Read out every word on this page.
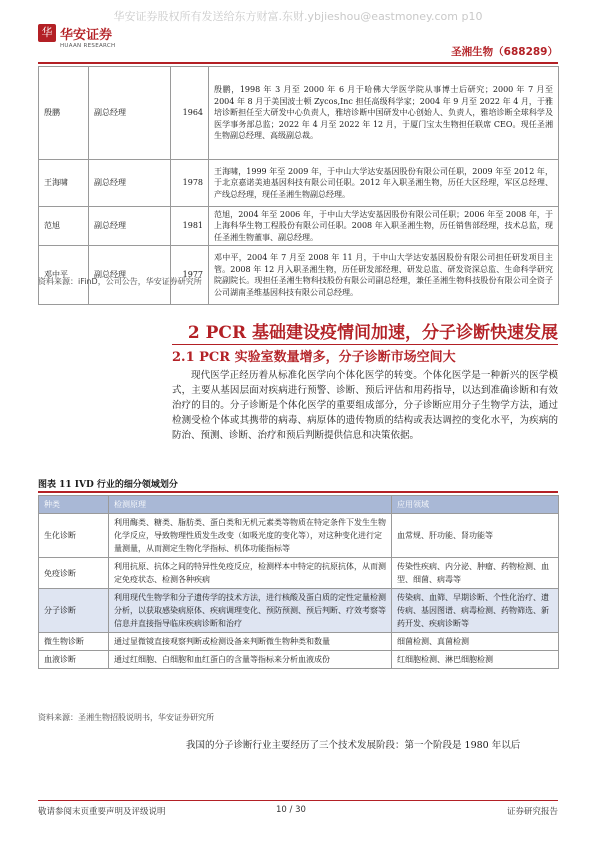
华安证券股权所有发送给东方财富.东财.ybjieshou@eastmoney.com p10
华 华安证券
HUAAN RESEARCH	圣湘生物（688289）
殷鹏	副总经理	1964	殷鹏，1998 年 3 月至 2000 年 6 月于哈佛大学医学院从事博士后研究；2000 年 7 月至 2004 年 8 月于美国波士顿 Zycos,Inc 担任高级科学家；2004 年 9 月至 2022 年 4 月，于雅培诊断担任至大研发中心负责人，雅培诊断中国研发中心创始人、负责人，雅培诊断全球科学及医学事务部总监；2022 年 4 月至 2022 年 12 月，于厦门宝太生物担任联席 CEO。现任圣湘生物副总经理、高级副总裁。

王海啸	副总经理	1978	王海啸，1999 年至 2009 年，于中山大学达安基因股份有限公司任职，2009 年至 2012 年，于北京嘉诺美迪基因科技有限公司任职。2012 年入职圣湘生物，历任大区经理，军区总经理、产线总经理，现任圣湘生物副总经理。
范旭	副总经理	1981	范旭，2004 年至 2006 年，于中山大学达安基因股份有限公司任职；2006 年至 2008 年，于上海科华生物工程股份有限公司任职。2008 年入职圣湘生物，历任销售部经理，技术总监，现任圣湘生物董事、副总经理。
邓中平	副总经理	1977	邓中平，2004 年 7 月至 2008 年 11 月，于中山大学达安基因股份有限公司担任研发项目主管。2008 年 12 月入职圣湘生物，历任研发部经理、研发总监、研发资深总监、生命科学研究院副院长。现担任圣湘生物科技股份有限公司副总经理，兼任圣湘生物科技股份有限公司全资子公司湖南圣维基因科技有限公司总经理。
资料来源：iFinD，公司公告，华安证券研究所
2 PCR 基础建设疫情间加速，分子诊断快速发展
2.1 PCR 实验室数量增多，分子诊断市场空间大

现代医学正经历着从标准化医学向个体化医学的转变。个体化医学是一种新兴的医学模式，主要从基因层面对疾病进行预警、诊断、预后评估和用药指导，以达到准确诊断和有效治疗的目的。分子诊断是个体化医学的重要组成部分，分子诊断应用分子生物学方法，通过检测受检个体或其携带的病毒、病原体的遗传物质的结构或表达调控的变化水平，为疾病的防治、预测、诊断、治疗和预后判断提供信息和决策依据。

图表 11 IVD 行业的细分领域划分
种类	检测原理	应用领域
生化诊断	利用酶类、糖类、脂肪类、蛋白类和无机元素类等物质在特定条件下发生生物化学反应，导致物理性质发生改变（如吸光度的变化等），对这种变化进行定量测量，从而测定生物化学指标、机体功能指标等	血常规、肝功能、肾功能等
免疫诊断	利用抗原、抗体之间的特异性免疫反应，检测样本中特定的抗原抗体，从而测定免疫状态、检测各种疾病	传染性疾病、内分泌、肿瘤、药物检测、血型、细菌、病毒等
分子诊断	利用现代生物学和分子遗传学的技术方法，进行核酸及蛋白质的定性定量检测分析，以获取感染病原体、疾病调理变化、预防预测、预后判断、疗效考察等信息并直接指导临床疾病诊断和治疗	传染病、血筛、早期诊断、个性化治疗、遗传病、基因图谱、病毒检测、药物筛选、新药开发、疾病诊断等
微生物诊断	通过显微镜直接观察判断或检测设备来判断微生物种类和数量	细菌检测、真菌检测
血液诊断	通过红细胞、白细胞和血红蛋白的含量等指标来分析血液成份	红细胞检测、淋巴细胞检测
资料来源：圣湘生物招股说明书，华安证券研究所

我国的分子诊断行业主要经历了三个技术发展阶段：第一个阶段是 1980 年以后

敬请参阅末页重要声明及评级说明	10 / 30	证券研究报告
